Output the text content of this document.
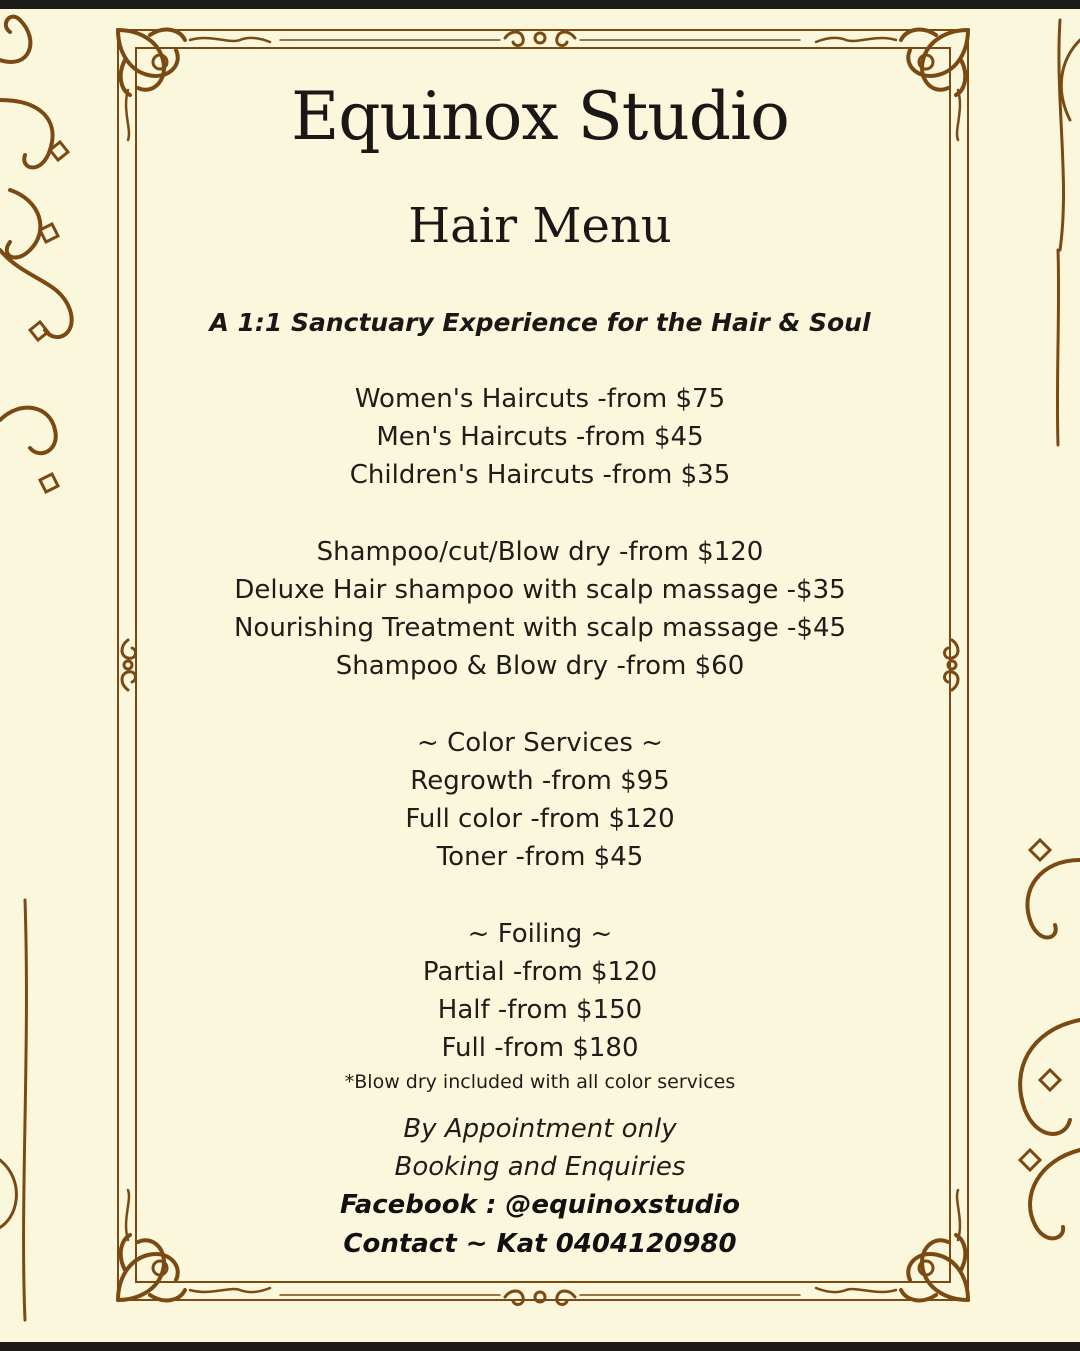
Equinox Studio
Hair Menu
A 1:1 Sanctuary Experience for the Hair & Soul
Women's Haircuts -from $75
Men's Haircuts -from $45
Children's Haircuts -from $35
Shampoo/cut/Blow dry -from $120
Deluxe Hair shampoo with scalp massage -$35
Nourishing Treatment with scalp massage -$45
Shampoo & Blow dry -from $60
~ Color Services ~
Regrowth -from $95
Full color -from $120
Toner -from $45
~ Foiling ~
Partial -from $120
Half -from $150
Full -from $180
*Blow dry included with all color services
By Appointment only
Booking and Enquiries
Facebook : @equinoxstudio
Contact ~ Kat 0404120980
